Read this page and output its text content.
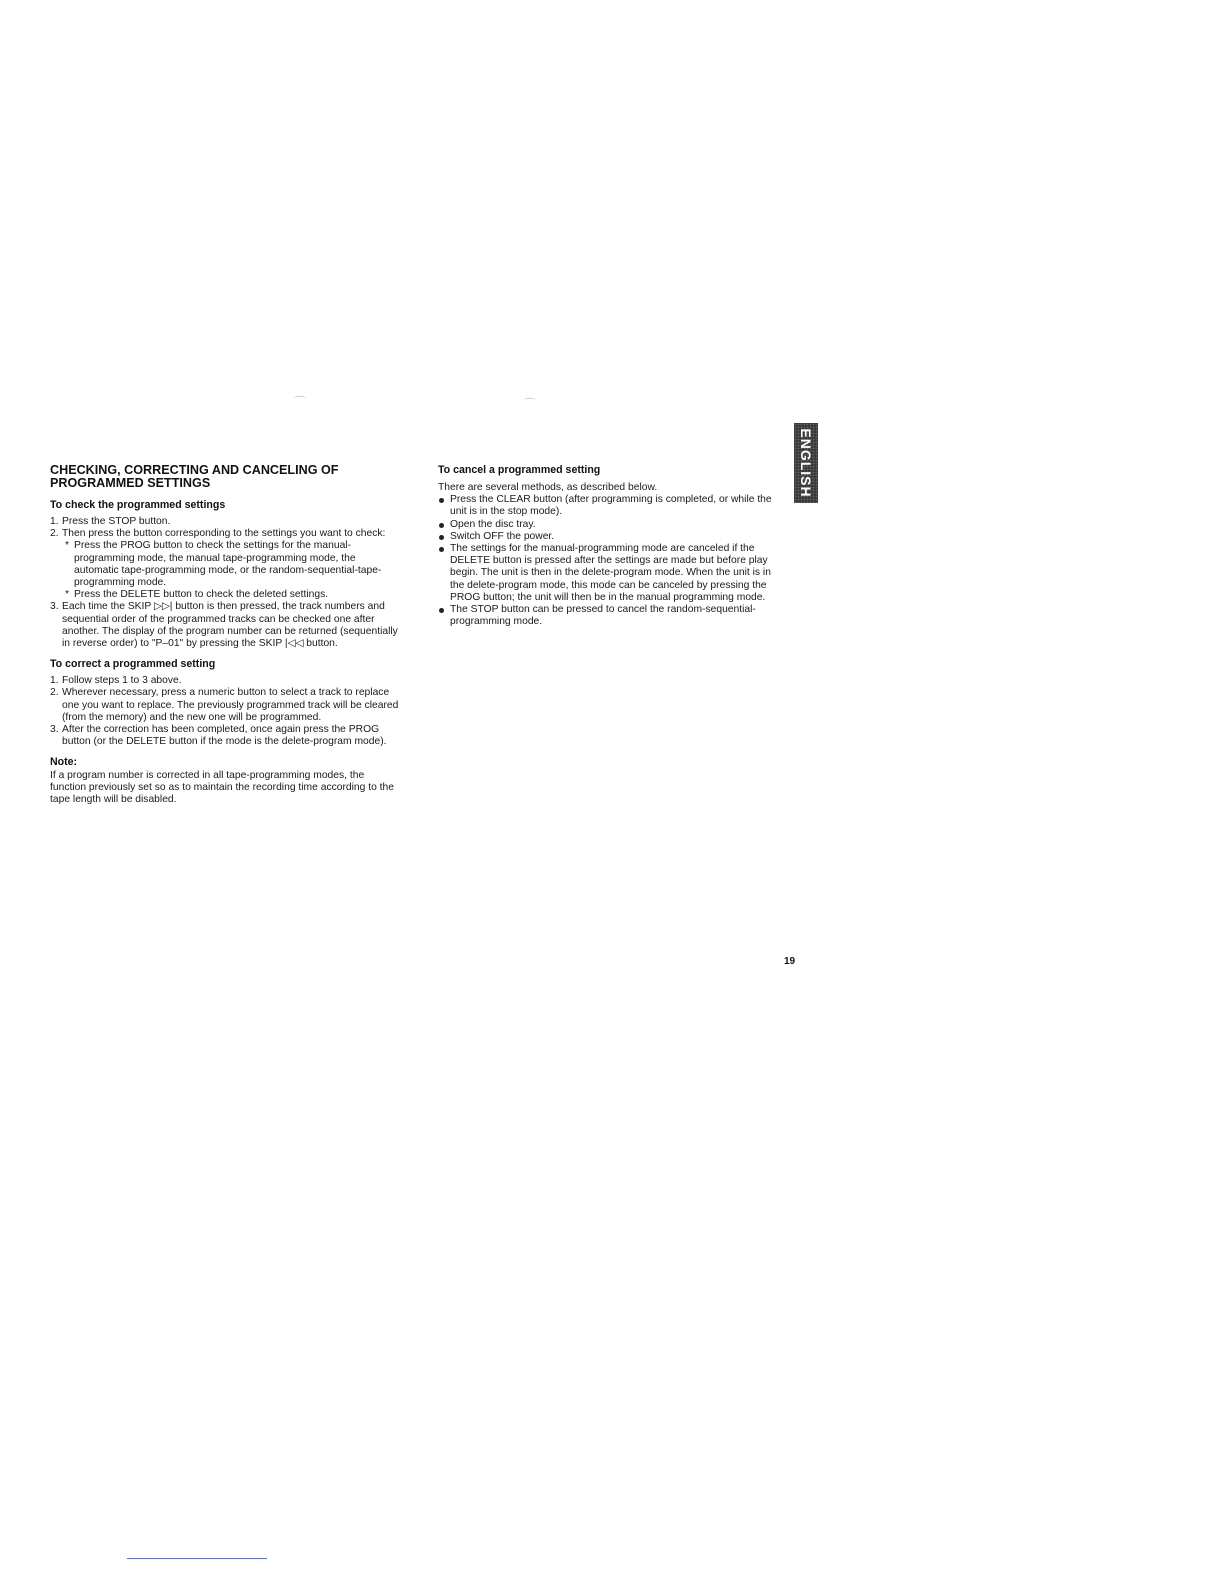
⌒	⌒
CHECKING, CORRECTING AND CANCELING OF
PROGRAMMED SETTINGS
To check the programmed settings
1. Press the STOP button.
2. Then press the button corresponding to the settings you want to check:
* Press the PROG button to check the settings for the manual-programming mode, the manual tape-programming mode, the automatic tape-programming mode, or the random-sequential-tape-programming mode.
* Press the DELETE button to check the deleted settings.
3. Each time the SKIP ▷▷| button is then pressed, the track numbers and sequential order of the programmed tracks can be checked one after another. The display of the program number can be returned (sequentially in reverse order) to "P–01" by pressing the SKIP |◁◁ button.
To correct a programmed setting
1. Follow steps 1 to 3 above.
2. Wherever necessary, press a numeric button to select a track to replace one you want to replace. The previously programmed track will be cleared (from the memory) and the new one will be programmed.
3. After the correction has been completed, once again press the PROG button (or the DELETE button if the mode is the delete-program mode).
Note:

If a program number is corrected in all tape-programming modes, the function previously set so as to maintain the recording time according to the tape length will be disabled.

To cancel a programmed setting

There are several methods, as described below.

Press the CLEAR button (after programming is completed, or while the unit is in the stop mode).
Open the disc tray.
Switch OFF the power.
The settings for the manual-programming mode are canceled if the DELETE button is pressed after the settings are made but before play begin. The unit is then in the delete-program mode. When the unit is in the delete-program mode, this mode can be canceled by pressing the PROG button; the unit will then be in the manual programming mode.
The STOP button can be pressed to cancel the random-sequential-programming mode.
ENGLISH
19
